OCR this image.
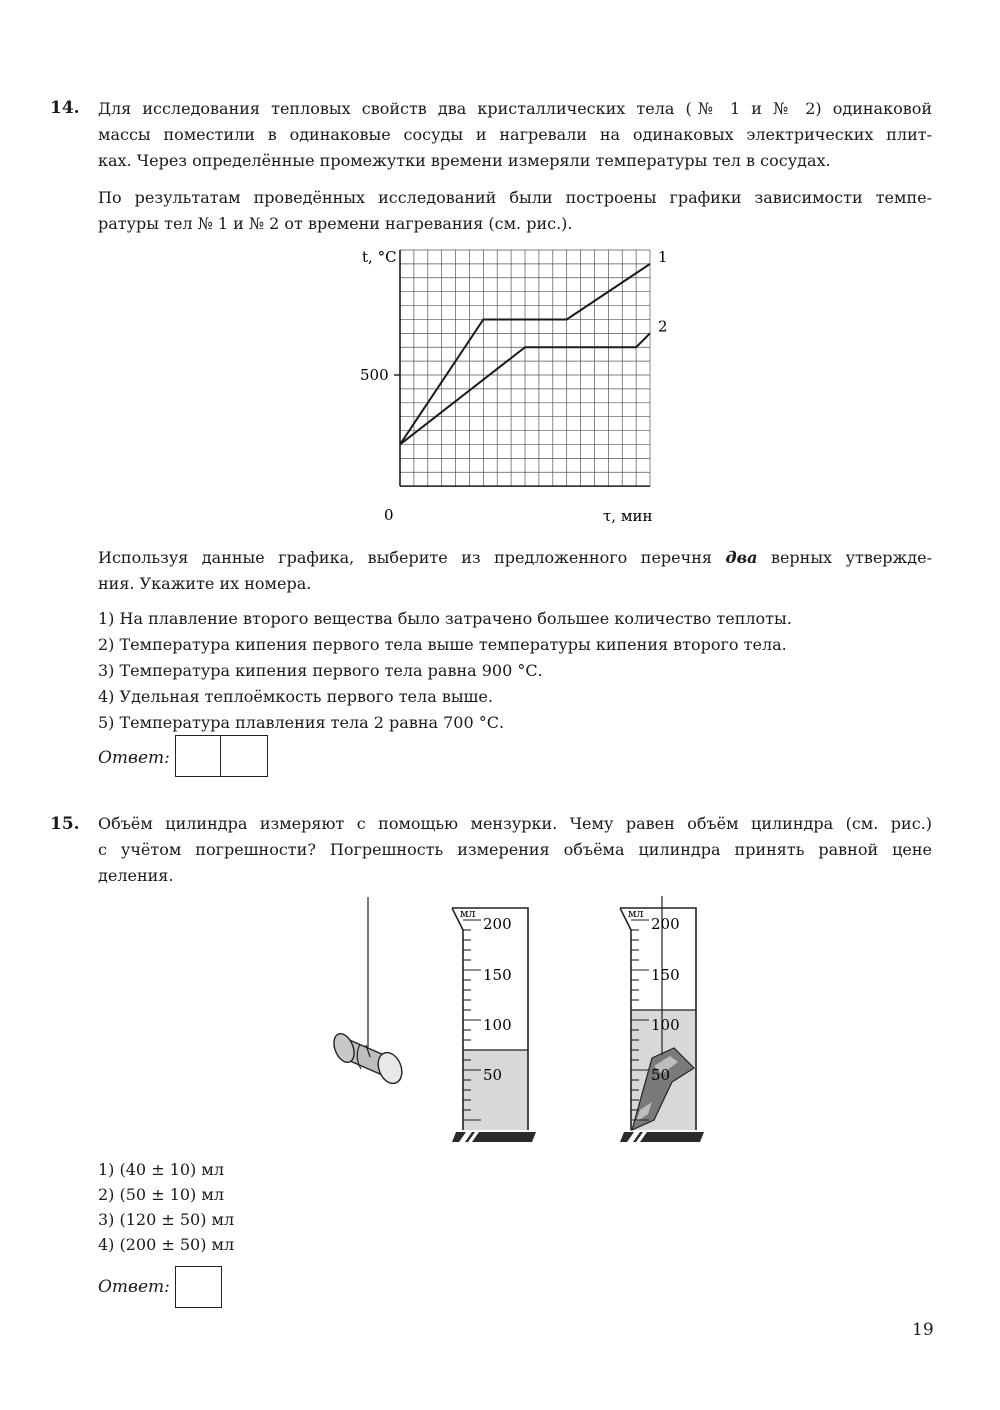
14. Для исследования тепловых свойств два кристаллических тела (№ 1 и № 2) одинаковой
массы поместили в одинаковые сосуды и нагревали на одинаковых электрических плит-
ках. Через определённые промежутки времени измеряли температуры тел в сосудах.
По результатам проведённых исследований были построены графики зависимости темпе-
ратуры тел № 1 и № 2 от времени нагревания (см. рис.).
1
2
t, °C
500
0	τ, мин
Используя данные графика, выберите из предложенного перечня два верных утвержде-
ния. Укажите их номера.
1) На плавление второго вещества было затрачено большее количество теплоты.
2) Температура кипения первого тела выше температуры кипения второго тела.
3) Температура кипения первого тела равна 900 °С.
4) Удельная теплоёмкость первого тела выше.
5) Температура плавления тела 2 равна 700 °С.
Ответ:
15. Объём цилиндра измеряют с помощью мензурки. Чему равен объём цилиндра (см. рис.)
с учётом погрешности? Погрешность измерения объёма цилиндра принять равной цене
деления.
мл
200
150
100
50
мл
200
150
100
50
1) (40 ± 10) мл
2) (50 ± 10) мл
3) (120 ± 50) мл
4) (200 ± 50) мл
Ответ:
19
